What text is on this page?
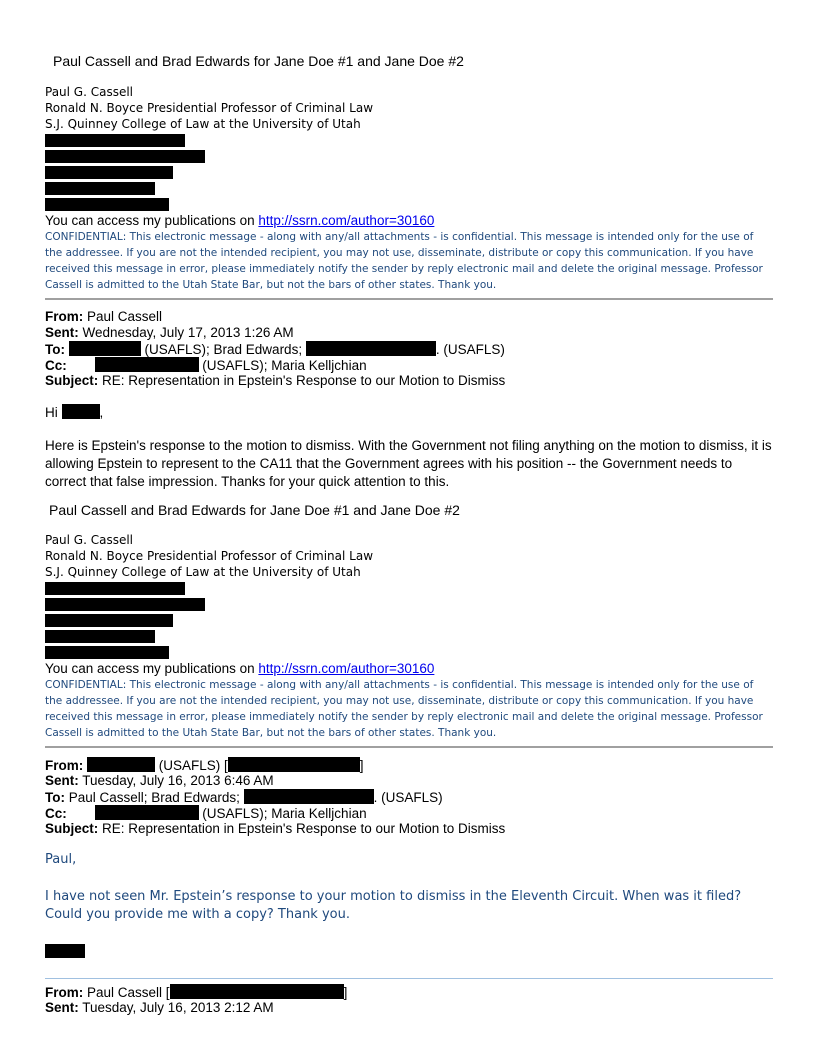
Paul Cassell and Brad Edwards for Jane Doe #1 and Jane Doe #2
Paul G. Cassell
Ronald N. Boyce Presidential Professor of Criminal Law
S.J. Quinney College of Law at the University of Utah
You can access my publications on http://ssrn.com/author=30160
CONFIDENTIAL: This electronic message - along with any/all attachments - is confidential. This message is intended only for the use of the addressee. If you are not the intended recipient, you may not use, disseminate, distribute or copy this communication. If you have received this message in error, please immediately notify the sender by reply electronic mail and delete the original message. Professor Cassell is admitted to the Utah State Bar, but not the bars of other states. Thank you.
From: Paul Cassell
Sent: Wednesday, July 17, 2013 1:26 AM
To:	(USAFLS); Brad Edwards;	. (USAFLS)
Cc:	(USAFLS); Maria Kelljchian
Subject: RE: Representation in Epstein's Response to our Motion to Dismiss
Hi	,
Here is Epstein's response to the motion to dismiss. With the Government not filing anything on the motion to dismiss, it is allowing Epstein to represent to the CA11 that the Government agrees with his position -- the Government needs to correct that false impression. Thanks for your quick attention to this.
Paul Cassell and Brad Edwards for Jane Doe #1 and Jane Doe #2
Paul G. Cassell
Ronald N. Boyce Presidential Professor of Criminal Law
S.J. Quinney College of Law at the University of Utah
You can access my publications on http://ssrn.com/author=30160
CONFIDENTIAL: This electronic message - along with any/all attachments - is confidential. This message is intended only for the use of the addressee. If you are not the intended recipient, you may not use, disseminate, distribute or copy this communication. If you have received this message in error, please immediately notify the sender by reply electronic mail and delete the original message. Professor Cassell is admitted to the Utah State Bar, but not the bars of other states. Thank you.
From:	(USAFLS) [	]
Sent: Tuesday, July 16, 2013 6:46 AM
To: Paul Cassell; Brad Edwards;	. (USAFLS)
Cc:	(USAFLS); Maria Kelljchian
Subject: RE: Representation in Epstein's Response to our Motion to Dismiss
Paul,
I have not seen Mr. Epstein’s response to your motion to dismiss in the Eleventh Circuit. When was it filed? Could you provide me with a copy? Thank you.
From: Paul Cassell [	]
Sent: Tuesday, July 16, 2013 2:12 AM
